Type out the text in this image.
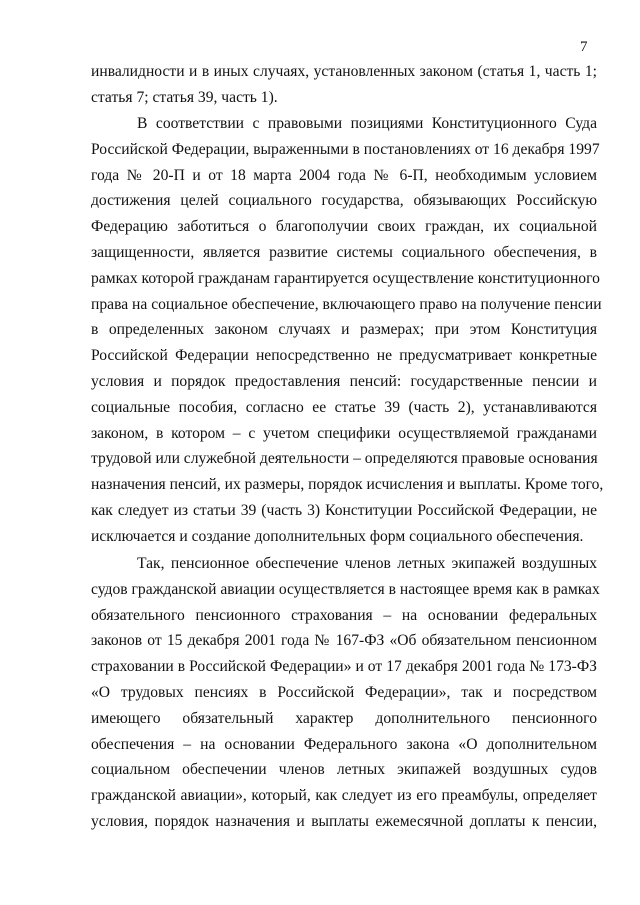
7
инвалидности и в иных случаях, установленных законом (статья 1, часть 1;
статья 7; статья 39, часть 1).
В соответствии с правовыми позициями Конституционного Суда
Российской Федерации, выраженными в постановлениях от 16 декабря 1997
года № 20-П и от 18 марта 2004 года № 6-П, необходимым условием
достижения целей социального государства, обязывающих Российскую
Федерацию заботиться о благополучии своих граждан, их социальной
защищенности, является развитие системы социального обеспечения, в
рамках которой гражданам гарантируется осуществление конституционного
права на социальное обеспечение, включающего право на получение пенсии
в определенных законом случаях и размерах; при этом Конституция
Российской Федерации непосредственно не предусматривает конкретные
условия и порядок предоставления пенсий: государственные пенсии и
социальные пособия, согласно ее статье 39 (часть 2), устанавливаются
законом, в котором – с учетом специфики осуществляемой гражданами
трудовой или служебной деятельности – определяются правовые основания
назначения пенсий, их размеры, порядок исчисления и выплаты. Кроме того,
как следует из статьи 39 (часть 3) Конституции Российской Федерации, не
исключается и создание дополнительных форм социального обеспечения.
Так, пенсионное обеспечение членов летных экипажей воздушных
судов гражданской авиации осуществляется в настоящее время как в рамках
обязательного пенсионного страхования – на основании федеральных
законов от 15 декабря 2001 года № 167-ФЗ «Об обязательном пенсионном
страховании в Российской Федерации» и от 17 декабря 2001 года № 173-ФЗ
«О трудовых пенсиях в Российской Федерации», так и посредством
имеющего обязательный характер дополнительного пенсионного
обеспечения – на основании Федерального закона «О дополнительном
социальном обеспечении членов летных экипажей воздушных судов
гражданской авиации», который, как следует из его преамбулы, определяет
условия, порядок назначения и выплаты ежемесячной доплаты к пенсии,
